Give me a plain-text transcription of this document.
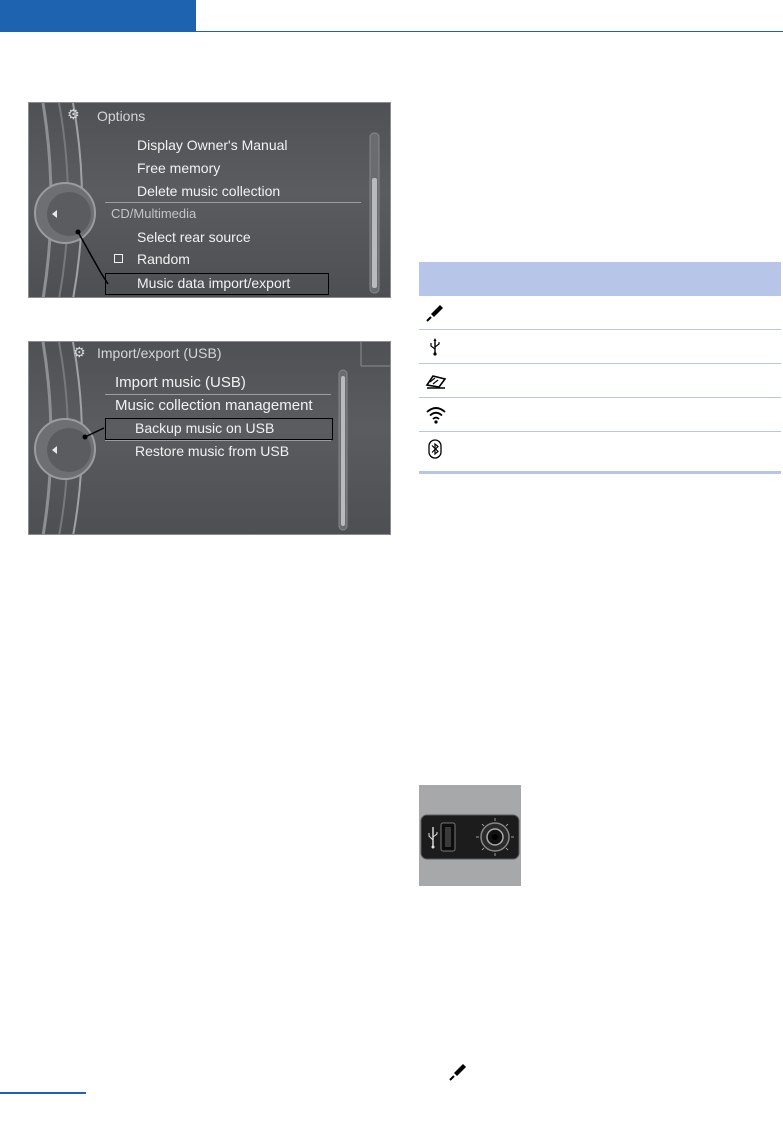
⚙ Options
Display Owner's Manual
Free memory
Delete music collection
CD/Multimedia
Select rear source
Random
Music data import/export
⚙ Import/export (USB)
Import music (USB)
Music collection management
Backup music on USB
Restore music from USB
